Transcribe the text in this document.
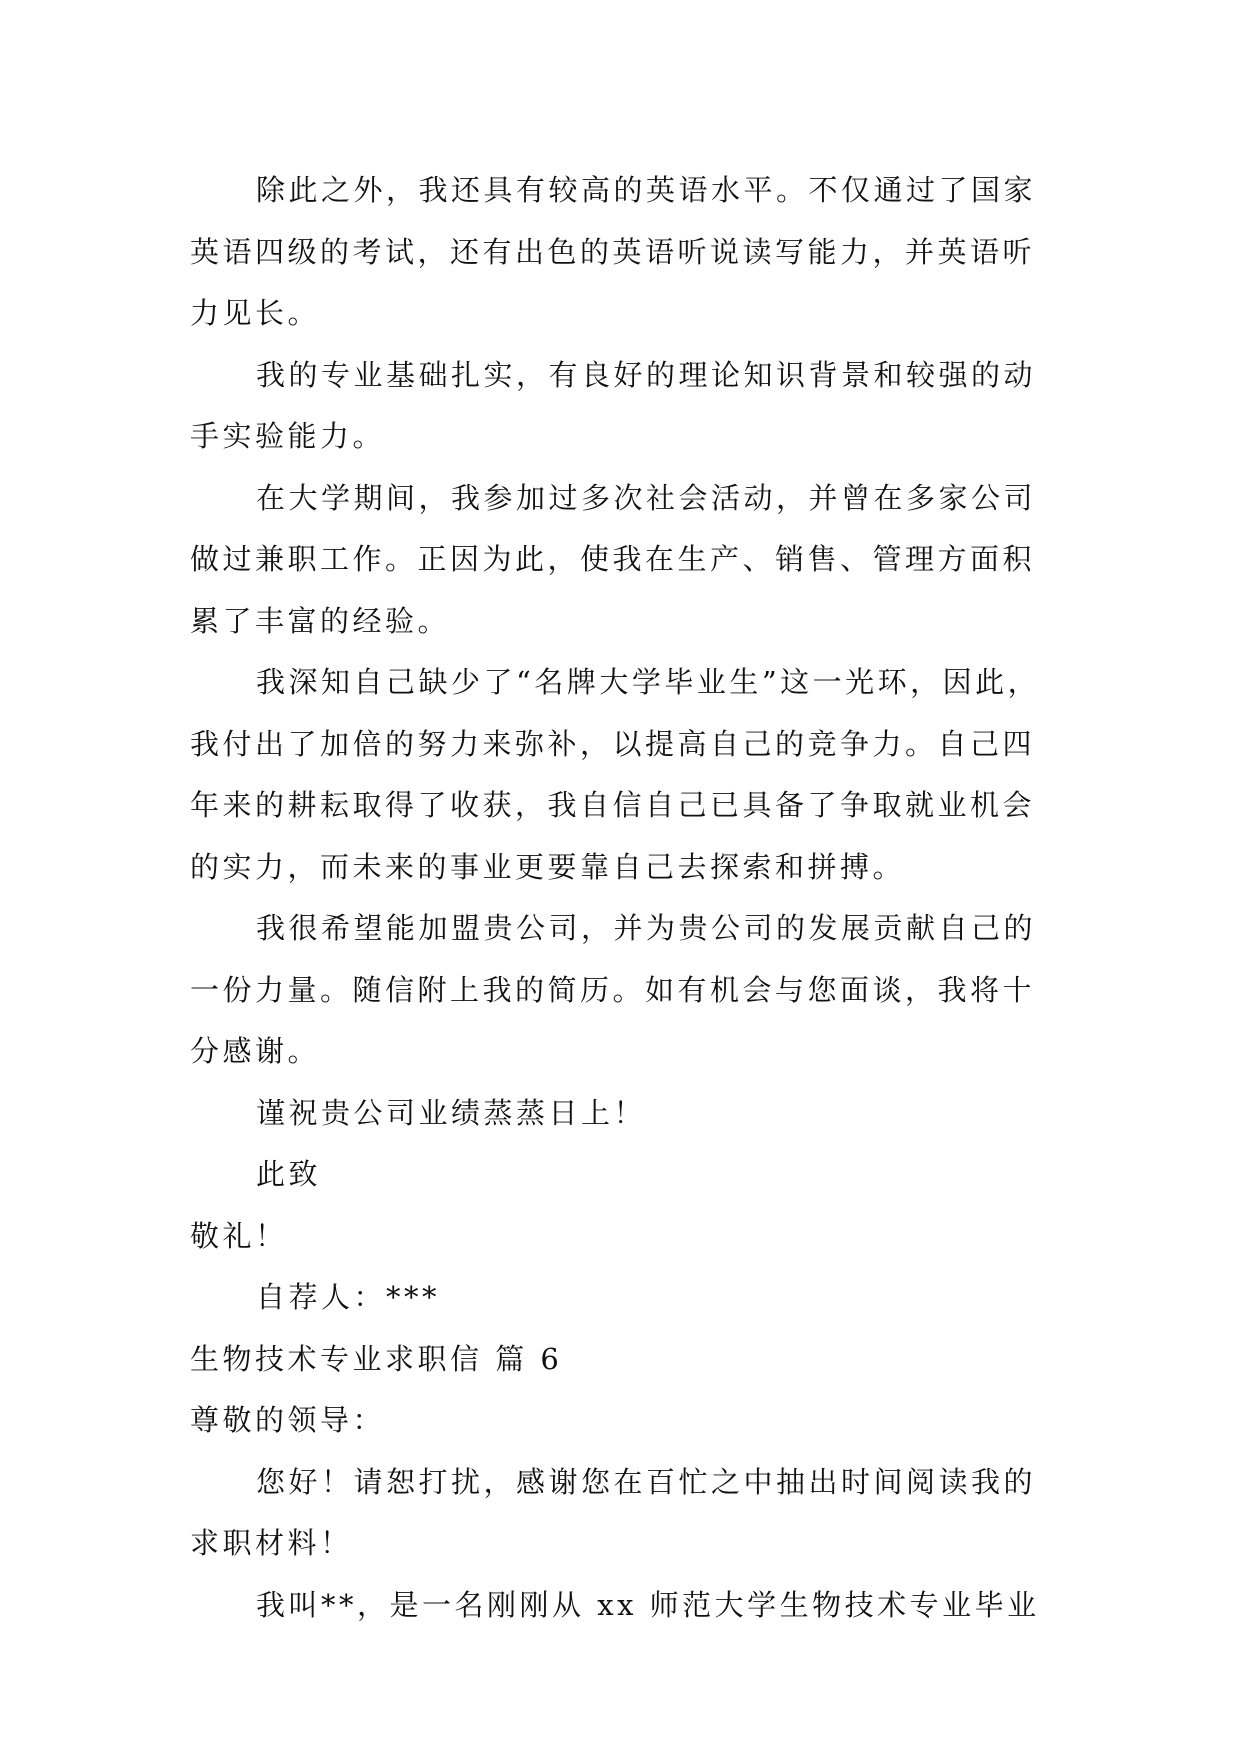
除此之外，我还具有较高的英语水平。不仅通过了国家
英语四级的考试，还有出色的英语听说读写能力，并英语听
力见长。
我的专业基础扎实，有良好的理论知识背景和较强的动
手实验能力。
在大学期间，我参加过多次社会活动，并曾在多家公司
做过兼职工作。正因为此，使我在生产、销售、管理方面积
累了丰富的经验。
我深知自己缺少了“名牌大学毕业生”这一光环，因此，
我付出了加倍的努力来弥补，以提高自己的竞争力。自己四
年来的耕耘取得了收获，我自信自己已具备了争取就业机会
的实力，而未来的事业更要靠自己去探索和拼搏。
我很希望能加盟贵公司，并为贵公司的发展贡献自己的
一份力量。随信附上我的简历。如有机会与您面谈，我将十
分感谢。
谨祝贵公司业绩蒸蒸日上！
此致
敬礼！
自荐人：***
生物技术专业求职信 篇 6
尊敬的领导：
您好！请恕打扰，感谢您在百忙之中抽出时间阅读我的
求职材料！
我叫**，是一名刚刚从 xx 师范大学生物技术专业毕业
